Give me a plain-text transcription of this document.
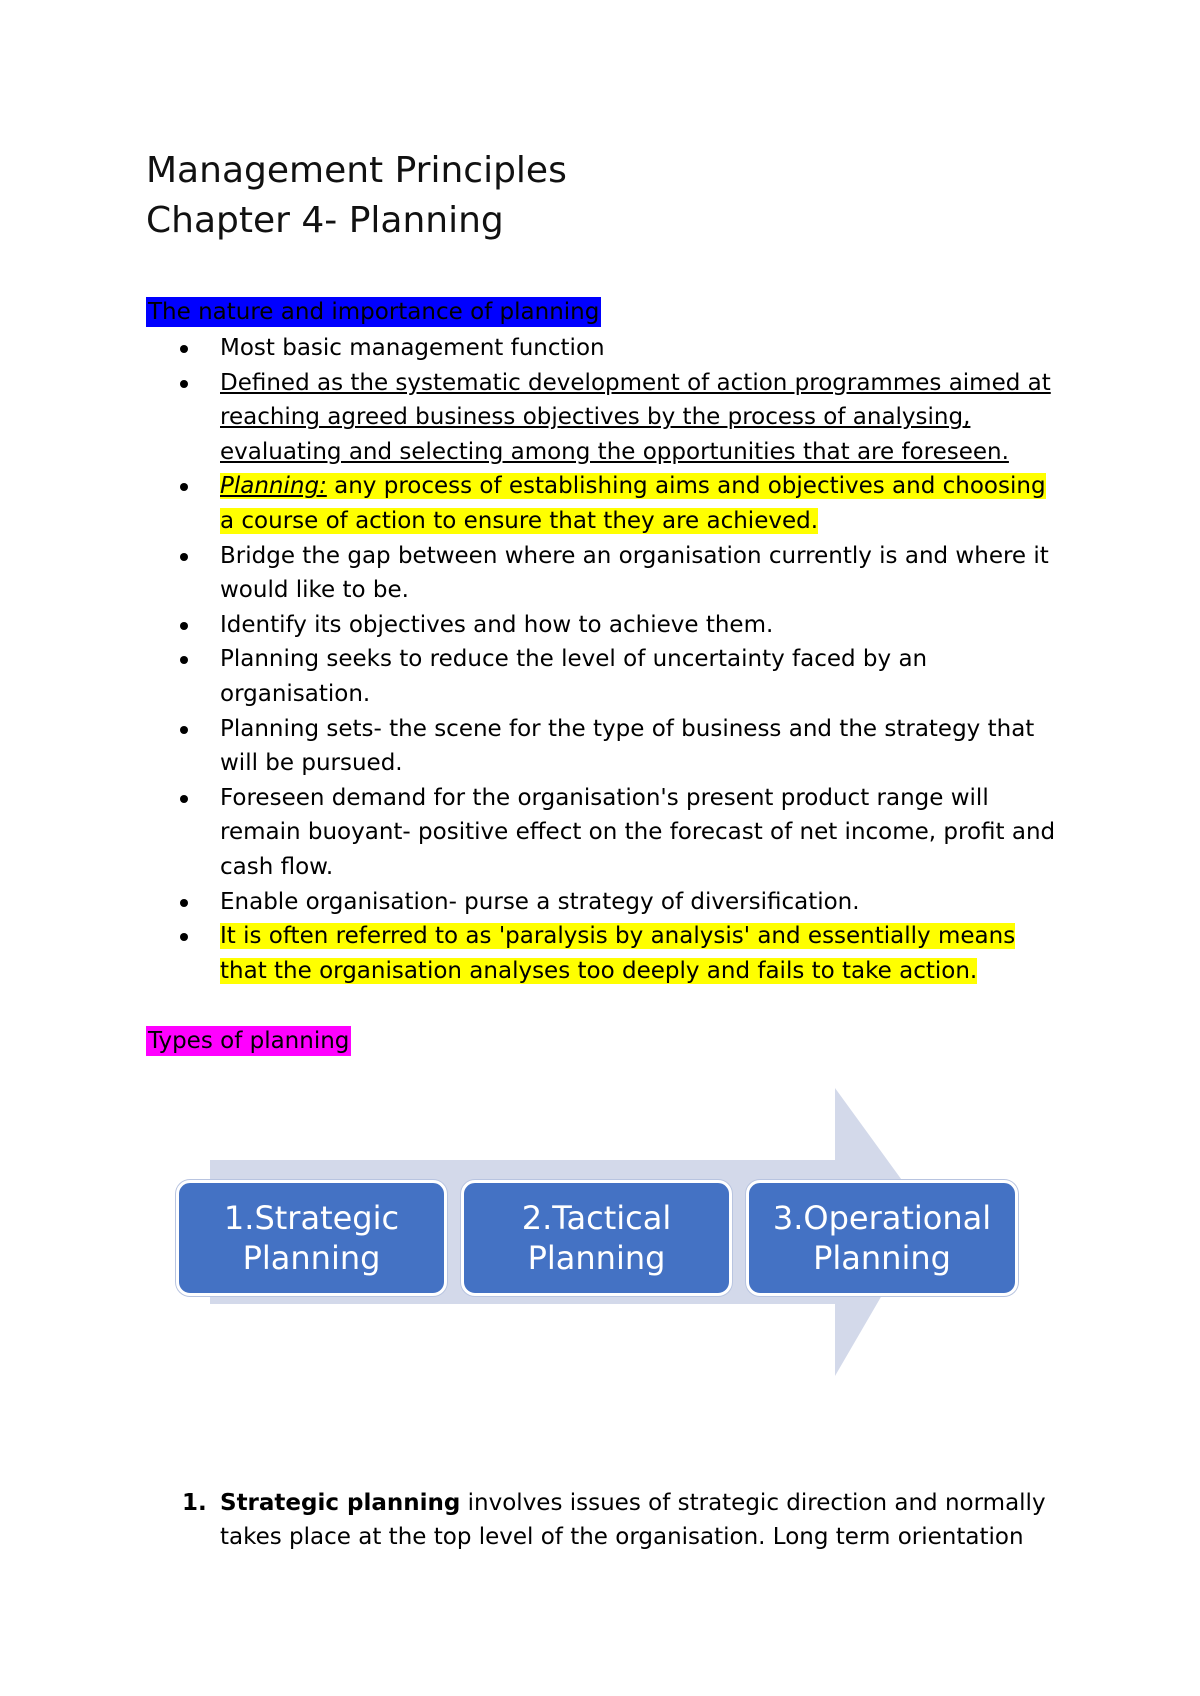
Management Principles
Chapter 4- Planning
The nature and importance of planning
Most basic management function
Defined as the systematic development of action programmes aimed at reaching agreed business objectives by the process of analysing, evaluating and selecting among the opportunities that are foreseen.
Planning: any process of establishing aims and objectives and choosing a course of action to ensure that they are achieved.
Bridge the gap between where an organisation currently is and where it would like to be.
Identify its objectives and how to achieve them.
Planning seeks to reduce the level of uncertainty faced by an organisation.
Planning sets- the scene for the type of business and the strategy that will be pursued.
Foreseen demand for the organisation's present product range will remain buoyant- positive effect on the forecast of net income, profit and cash flow.
Enable organisation- purse a strategy of diversification.
It is often referred to as 'paralysis by analysis' and essentially means that the organisation analyses too deeply and fails to take action.
Types of planning
1.Strategic Planning
2.Tactical Planning
3.Operational Planning
1. Strategic planning involves issues of strategic direction and normally takes place at the top level of the organisation. Long term orientation
